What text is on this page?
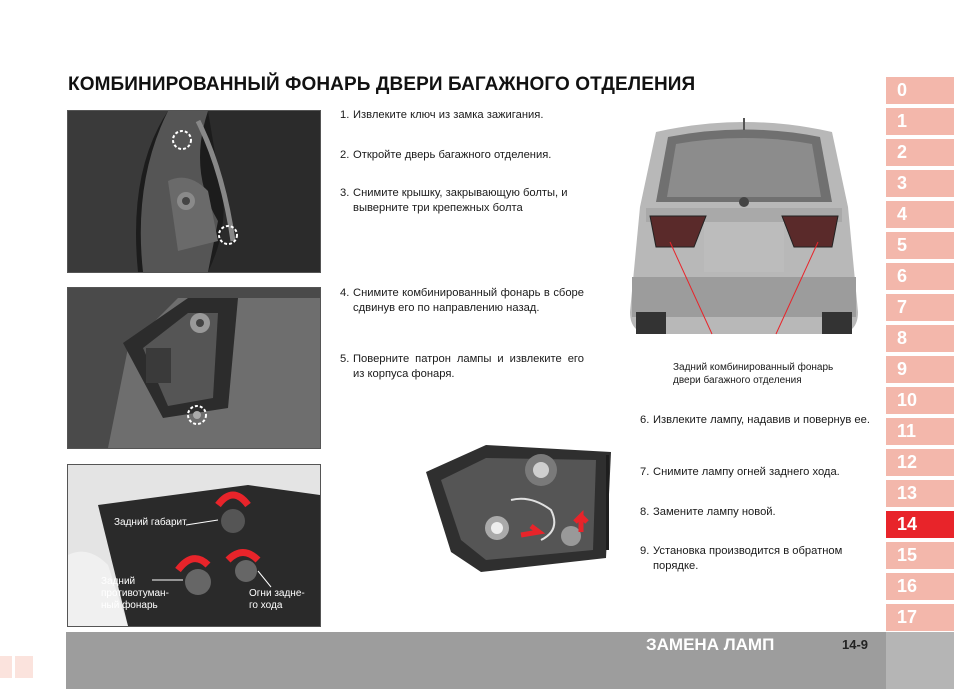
КОМБИНИРОВАННЫЙ ФОНАРЬ ДВЕРИ БАГАЖНОГО ОТДЕЛЕНИЯ
Задний габарит
Задний
противотуман-
ный фонарь
Огни задне-
го хода
1. Извлеките ключ из замка зажигания.
2. Откройте дверь багажного отделения.
3. Снимите крышку, закрывающую болты, и выверните три крепежных болта
4. Снимите комбинированный фонарь в сборе сдвинув его по направлению назад.
5. Поверните патрон лампы и извлеките его из корпуса фонаря.
Задний комбинированный фонарь
двери багажного отделения
6. Извлеките лампу, надавив и повернув ее.
7. Снимите лампу огней заднего хода.
8. Замените лампу новой.
9. Установка производится в обратном порядке.
0
1
2
3
4
5
6
7
8
9
10
11
12
13
14
15
16
17
ЗАМЕНА ЛАМП	14-9
